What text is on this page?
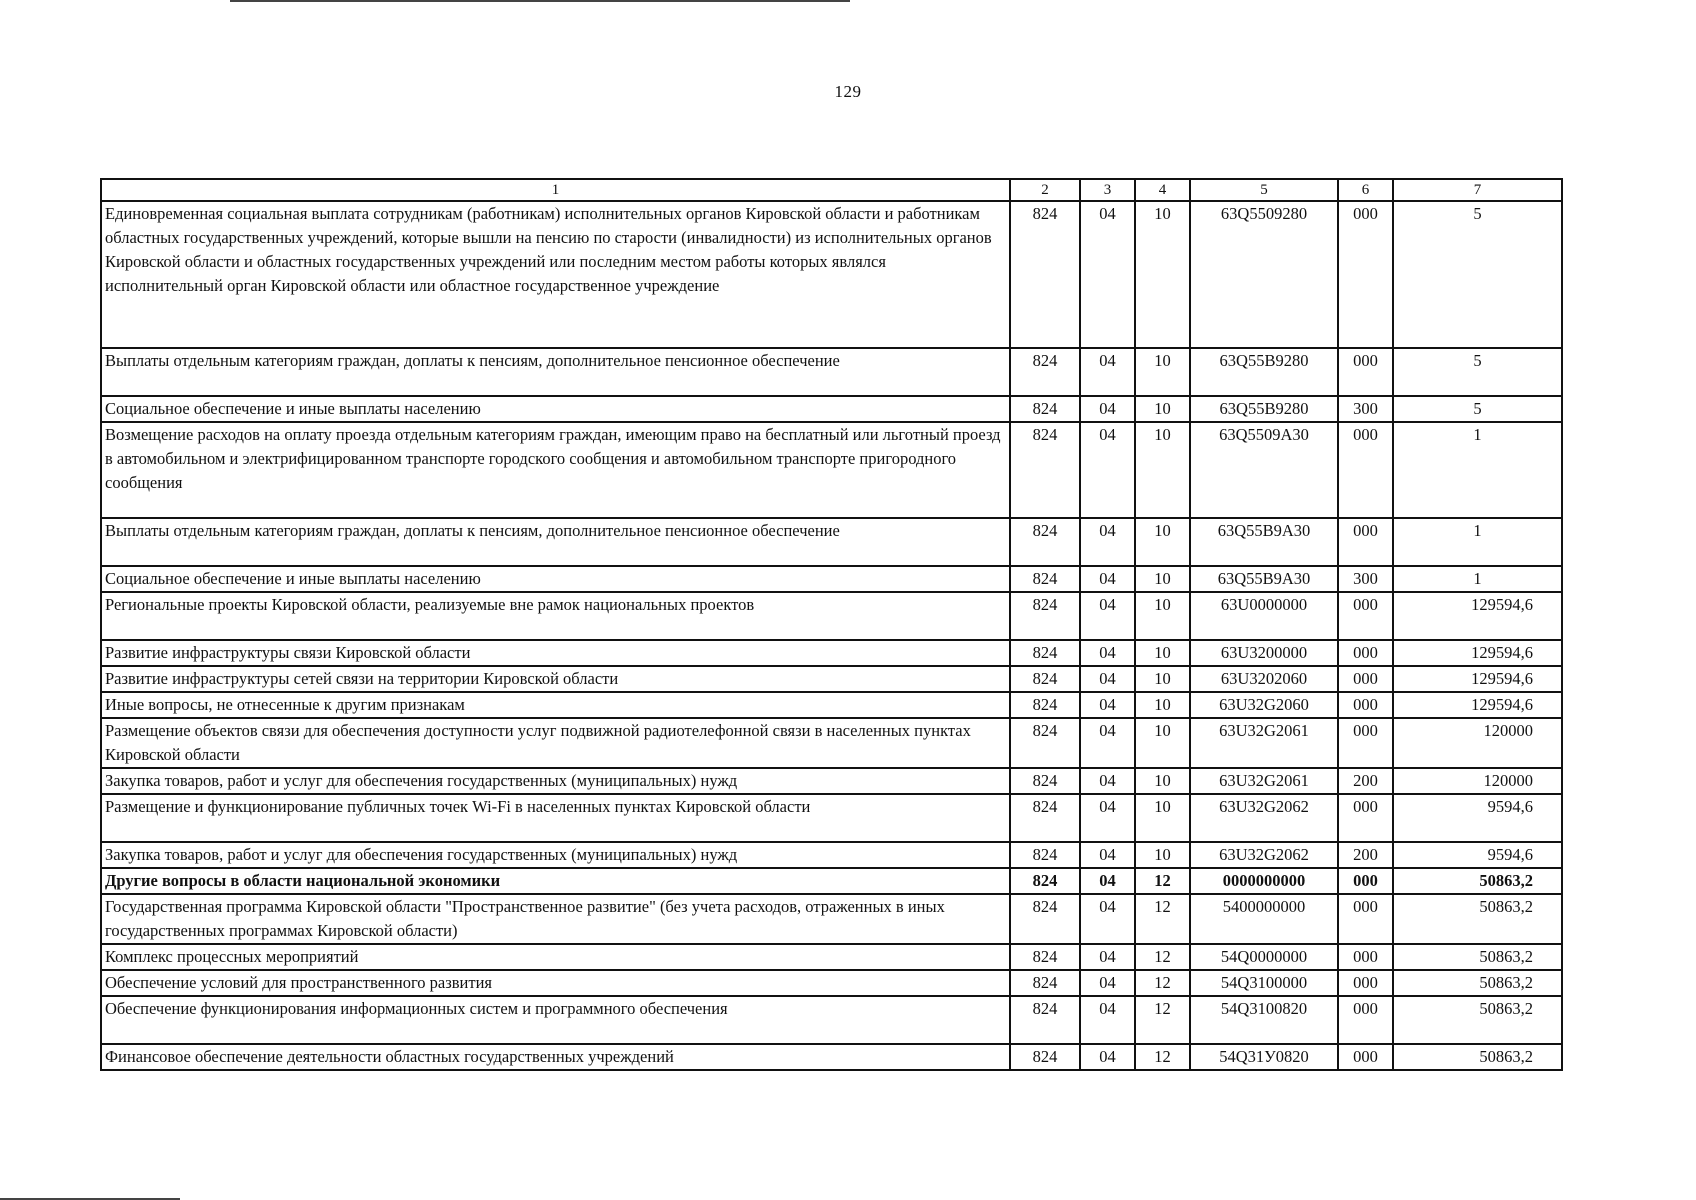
129
1	2	3	4	5	6	7
Единовременная социальная выплата сотрудникам (работникам) исполнительных органов Кировской области и работникам областных государственных учреждений, которые вышли на пенсию по старости (инвалидности) из исполнительных органов Кировской области и областных государственных учреждений или последним местом работы которых являлся исполнительный орган Кировской области или областное государственное учреждение	824	04	10	63Q5509280	000	5
Выплаты отдельным категориям граждан, доплаты к пенсиям, дополнительное пенсионное обеспечение	824	04	10	63Q55B9280	000	5
Социальное обеспечение и иные выплаты населению	824	04	10	63Q55B9280	300	5
Возмещение расходов на оплату проезда отдельным категориям граждан, имеющим право на бесплатный или льготный проезд в автомобильном и электрифицированном транспорте городского сообщения и автомобильном транспорте пригородного сообщения	824	04	10	63Q5509A30	000	1
Выплаты отдельным категориям граждан, доплаты к пенсиям, дополнительное пенсионное обеспечение	824	04	10	63Q55B9A30	000	1
Социальное обеспечение и иные выплаты населению	824	04	10	63Q55B9A30	300	1
Региональные проекты Кировской области, реализуемые вне рамок национальных проектов	824	04	10	63U0000000	000	129594,6
Развитие инфраструктуры связи Кировской области	824	04	10	63U3200000	000	129594,6
Развитие инфраструктуры сетей связи на территории Кировской области	824	04	10	63U3202060	000	129594,6
Иные вопросы, не отнесенные к другим признакам	824	04	10	63U32G2060	000	129594,6
Размещение объектов связи для обеспечения доступности услуг подвижной радиотелефонной связи в населенных пунктах Кировской области	824	04	10	63U32G2061	000	120000
Закупка товаров, работ и услуг для обеспечения государственных (муниципальных) нужд	824	04	10	63U32G2061	200	120000
Размещение и функционирование публичных точек Wi-Fi в населенных пунктах Кировской области	824	04	10	63U32G2062	000	9594,6
Закупка товаров, работ и услуг для обеспечения государственных (муниципальных) нужд	824	04	10	63U32G2062	200	9594,6
Другие вопросы в области национальной экономики	824	04	12	0000000000	000	50863,2
Государственная программа Кировской области "Пространственное развитие" (без учета расходов, отраженных в иных государственных программах Кировской области)	824	04	12	5400000000	000	50863,2
Комплекс процессных мероприятий	824	04	12	54Q0000000	000	50863,2
Обеспечение условий для пространственного развития	824	04	12	54Q3100000	000	50863,2
Обеспечение функционирования информационных систем и программного обеспечения	824	04	12	54Q3100820	000	50863,2
Финансовое обеспечение деятельности областных государственных учреждений	824	04	12	54Q31У0820	000	50863,2
